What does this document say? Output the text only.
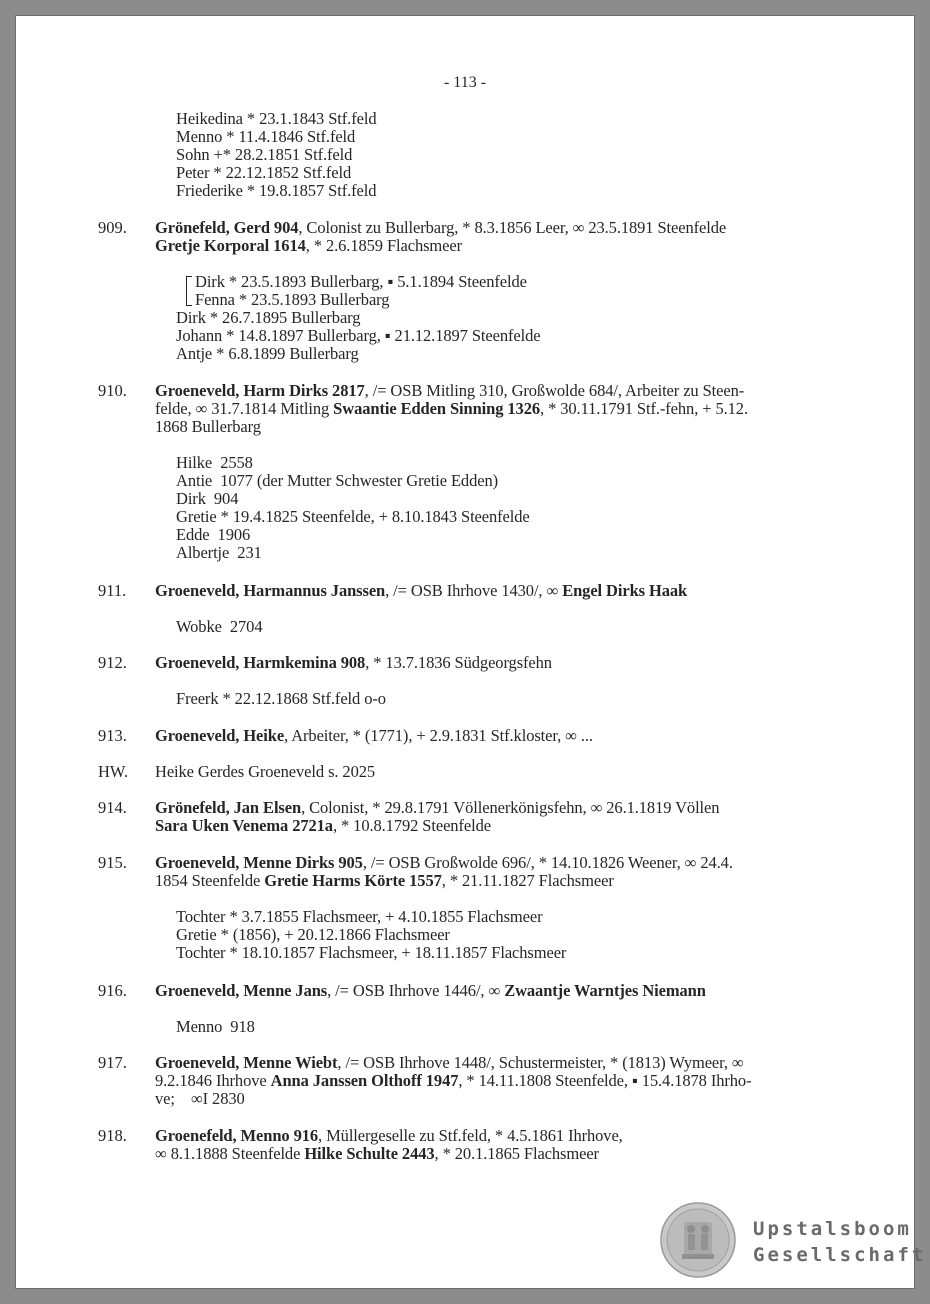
- 113 -
Heikedina * 23.1.1843 Stf.feld
Menno * 11.4.1846 Stf.feld
Sohn +* 28.2.1851 Stf.feld
Peter * 22.12.1852 Stf.feld
Friederike * 19.8.1857 Stf.feld
909. Grönefeld, Gerd 904, Colonist zu Bullerbarg, * 8.3.1856 Leer, ∞ 23.5.1891 Steenfelde
Gretje Korporal 1614, * 2.6.1859 Flachsmeer
Dirk * 23.5.1893 Bullerbarg, ▪ 5.1.1894 Steenfelde
Fenna * 23.5.1893 Bullerbarg
Dirk * 26.7.1895 Bullerbarg
Johann * 14.8.1897 Bullerbarg, ▪ 21.12.1897 Steenfelde
Antje * 6.8.1899 Bullerbarg
910. Groeneveld, Harm Dirks 2817, /= OSB Mitling 310, Großwolde 684/, Arbeiter zu Steen-
felde, ∞ 31.7.1814 Mitling Swaantie Edden Sinning 1326, * 30.11.1791 Stf.-fehn, + 5.12.
1868 Bullerbarg
Hilke  2558
Antie  1077 (der Mutter Schwester Gretie Edden)
Dirk  904
Gretie * 19.4.1825 Steenfelde, + 8.10.1843 Steenfelde
Edde  1906
Albertje  231
911. Groeneveld, Harmannus Janssen, /= OSB Ihrhove 1430/, ∞ Engel Dirks Haak
Wobke  2704
912. Groeneveld, Harmkemina 908, * 13.7.1836 Südgeorgsfehn
Freerk * 22.12.1868 Stf.feld o-o
913. Groeneveld, Heike, Arbeiter, * (1771), + 2.9.1831 Stf.kloster, ∞ ...
HW. Heike Gerdes Groeneveld s. 2025
914. Grönefeld, Jan Elsen, Colonist, * 29.8.1791 Völlenerkönigsfehn, ∞ 26.1.1819 Völlen
Sara Uken Venema 2721a, * 10.8.1792 Steenfelde
915. Groeneveld, Menne Dirks 905, /= OSB Großwolde 696/, * 14.10.1826 Weener, ∞ 24.4.
1854 Steenfelde Gretie Harms Körte 1557, * 21.11.1827 Flachsmeer
Tochter * 3.7.1855 Flachsmeer, + 4.10.1855 Flachsmeer
Gretie * (1856), + 20.12.1866 Flachsmeer
Tochter * 18.10.1857 Flachsmeer, + 18.11.1857 Flachsmeer
916. Groeneveld, Menne Jans, /= OSB Ihrhove 1446/, ∞ Zwaantje Warntjes Niemann
Menno  918
917. Groeneveld, Menne Wiebt, /= OSB Ihrhove 1448/, Schustermeister, * (1813) Wymeer, ∞
9.2.1846 Ihrhove Anna Janssen Olthoff 1947, * 14.11.1808 Steenfelde, ▪ 15.4.1878 Ihrho-
ve;    ∞I 2830
918. Groenefeld, Menno 916, Müllergeselle zu Stf.feld, * 4.5.1861 Ihrhove,
∞ 8.1.1888 Steenfelde Hilke Schulte 2443, * 20.1.1865 Flachsmeer
Upstalsboom
Gesellschaft
